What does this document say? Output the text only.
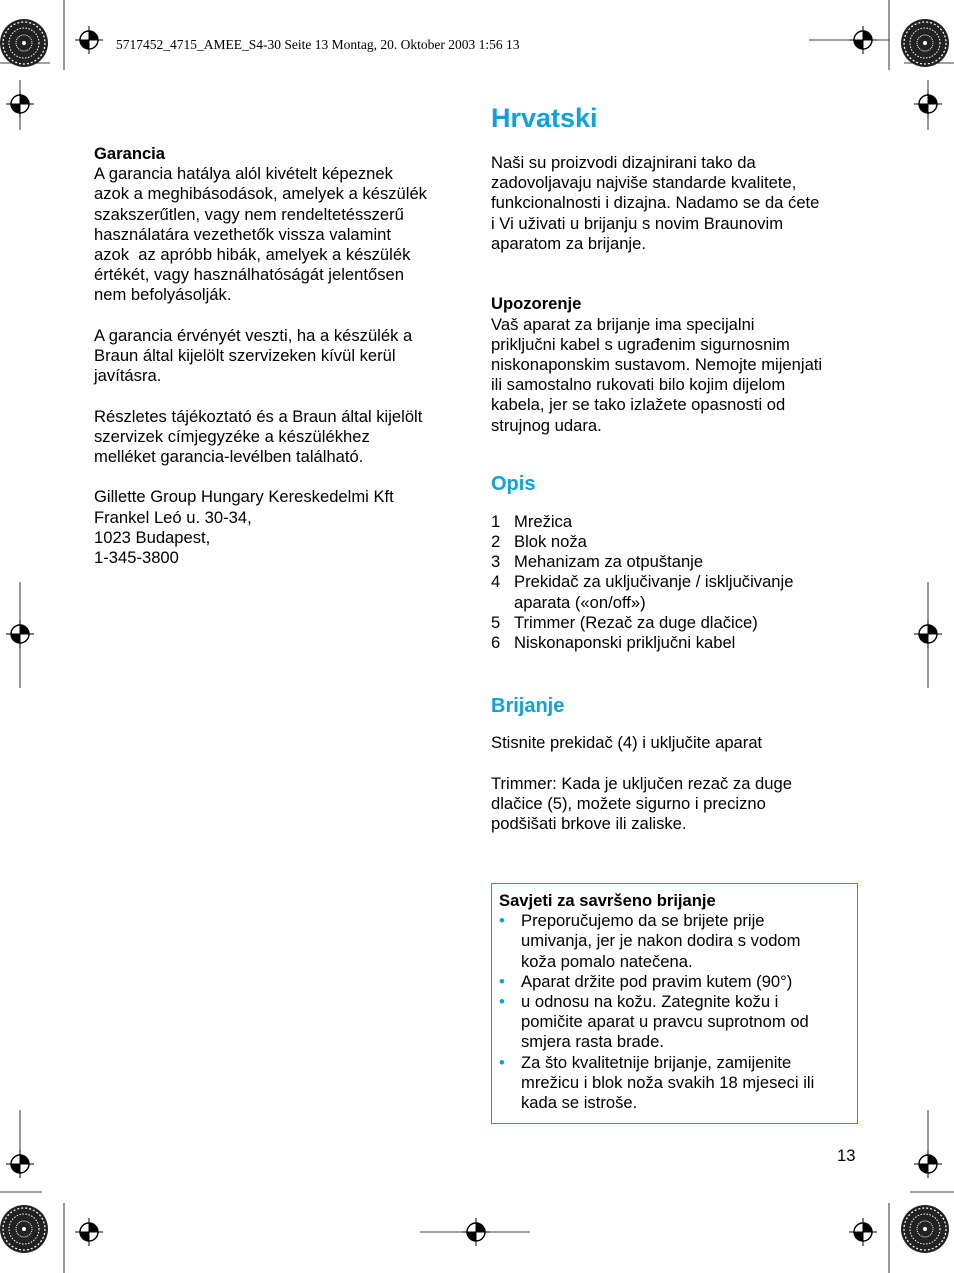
5717452_4715_AMEE_S4-30 Seite 13 Montag, 20. Oktober 2003 1:56 13

Garancia

A garancia hatálya alól kivételt képeznek

azok a meghibásodások, amelyek a készülék

szakszerűtlen, vagy nem rendeltetésszerű

használatára vezethetők vissza valamint

azok  az apróbb hibák, amelyek a készülék

értékét, vagy használhatóságát jelentősen

nem befolyásolják.

A garancia érvényét veszti, ha a készülék a

Braun által kijelölt szervizeken kívül kerül

javításra.

Részletes tájékoztató és a Braun által kijelölt

szervizek címjegyzéke a készülékhez

melléket garancia-levélben található.

Gillette Group Hungary Kereskedelmi Kft

Frankel Leó u. 30-34,

1023 Budapest,

1-345-3800

Hrvatski

Naši su proizvodi dizajnirani tako da

zadovoljavaju najviše standarde kvalitete,

funkcionalnosti i dizajna. Nadamo se da ćete

i Vi uživati u brijanju s novim Braunovim

aparatom za brijanje.

Upozorenje

Vaš aparat za brijanje ima specijalni

priključni kabel s ugrađenim sigurnosnim

niskonaponskim sustavom. Nemojte mijenjati

ili samostalno rukovati bilo kojim dijelom

kabela, jer se tako izlažete opasnosti od

strujnog udara.

Opis
1 Mrežica
2 Blok noža
3 Mehanizam za otpuštanje
4 Prekidač za uključivanje / isključivanje
aparata («on/off»)
5 Trimmer (Rezač za duge dlačice)
6 Niskonaponski priključni kabel
Brijanje

Stisnite prekidač (4) i uključite aparat

Trimmer: Kada je uključen rezač za duge

dlačice (5), možete sigurno i precizno

podšišati brkove ili zaliske.

Savjeti za savršeno brijanje

• Preporučujemo da se brijete prije
umivanja, jer je nakon dodira s vodom
koža pomalo natečena.
• Aparat držite pod pravim kutem (90°)
• u odnosu na kožu. Zategnite kožu i
pomičite aparat u pravcu suprotnom od
smjera rasta brade.
• Za što kvalitetnije brijanje, zamijenite
mrežicu i blok noža svakih 18 mjeseci ili
kada se istroše.
13
